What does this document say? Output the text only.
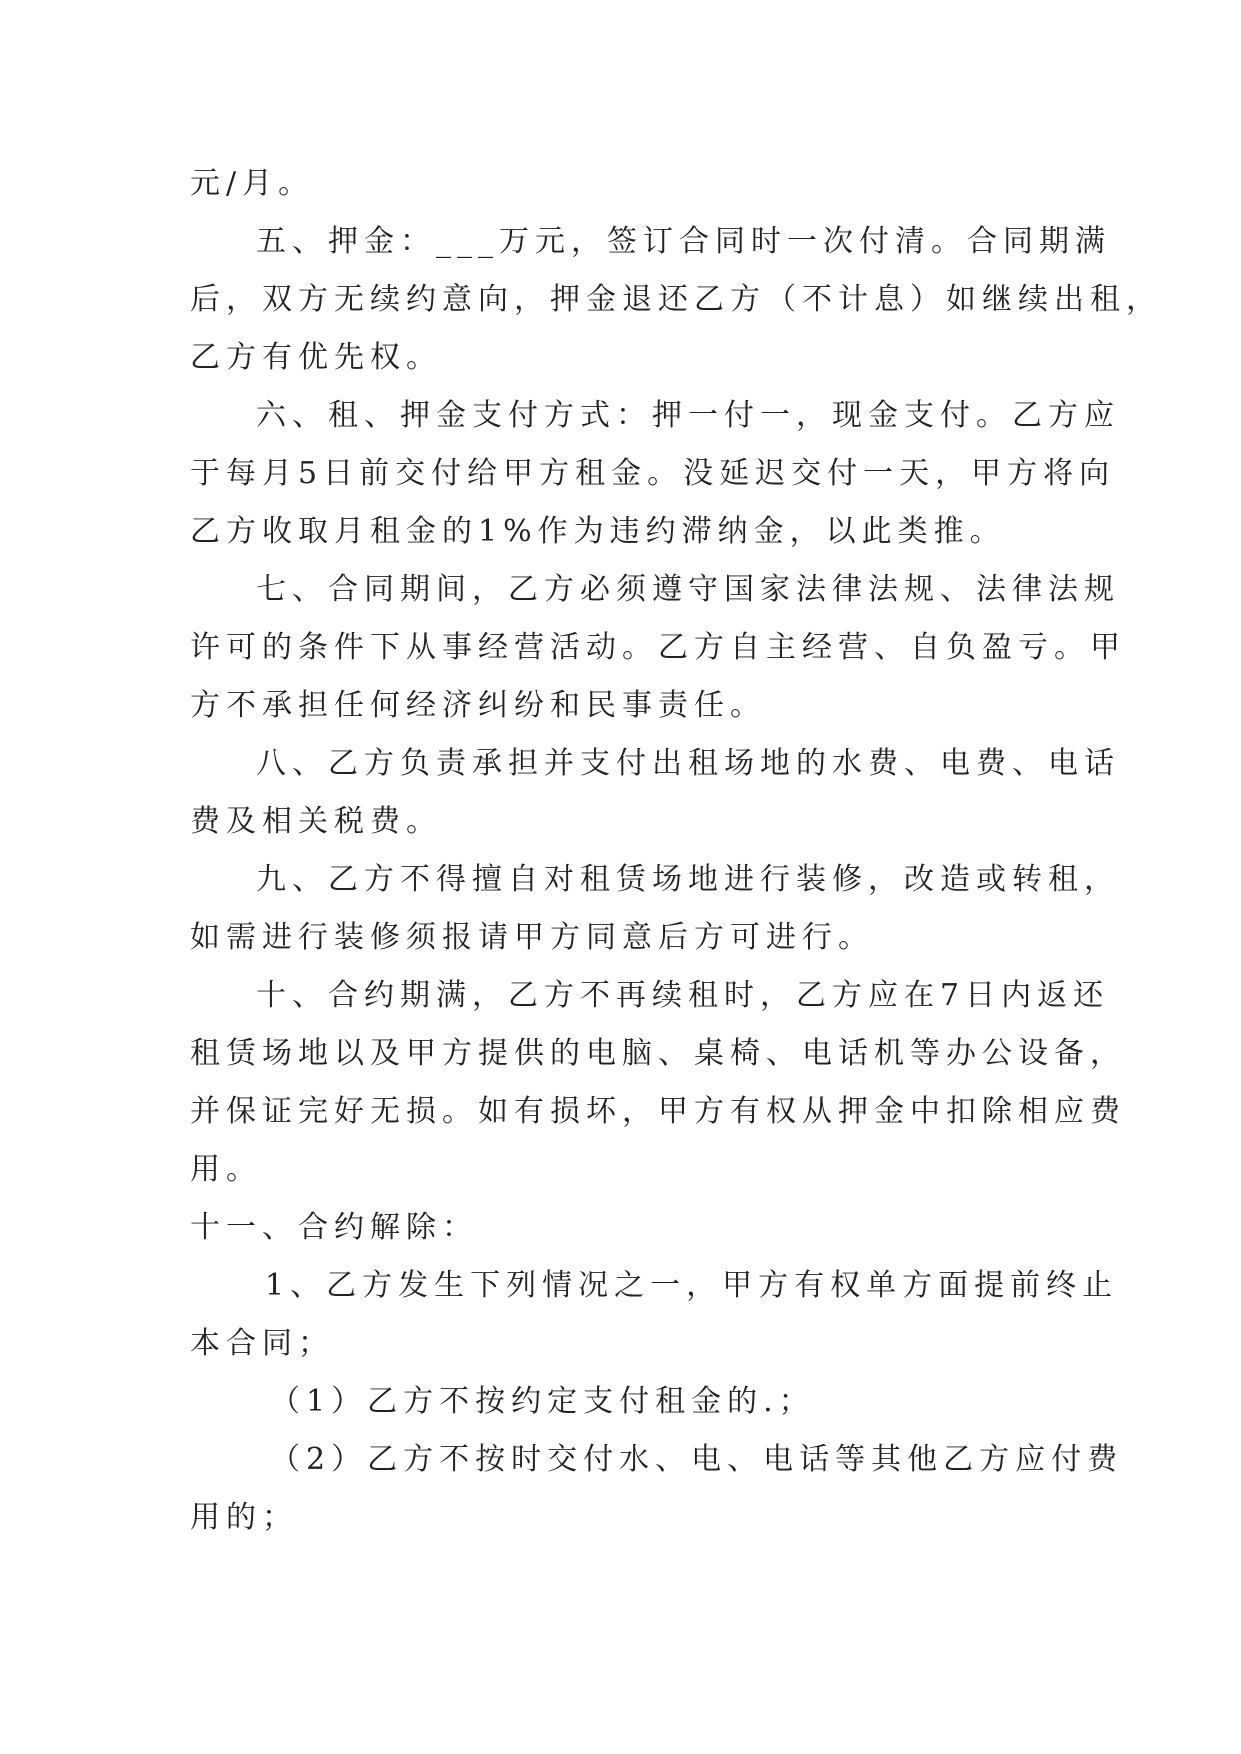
元/月。
五、押金：___万元，签订合同时一次付清。合同期满
后，双方无续约意向，押金退还乙方（不计息）如继续出租，
乙方有优先权。
六、租、押金支付方式：押一付一，现金支付。乙方应
于每月5日前交付给甲方租金。没延迟交付一天，甲方将向
乙方收取月租金的1%作为违约滞纳金，以此类推。
七、合同期间，乙方必须遵守国家法律法规、法律法规
许可的条件下从事经营活动。乙方自主经营、自负盈亏。甲
方不承担任何经济纠纷和民事责任。
八、乙方负责承担并支付出租场地的水费、电费、电话
费及相关税费。
九、乙方不得擅自对租赁场地进行装修，改造或转租，
如需进行装修须报请甲方同意后方可进行。
十、合约期满，乙方不再续租时，乙方应在7日内返还
租赁场地以及甲方提供的电脑、桌椅、电话机等办公设备，
并保证完好无损。如有损坏，甲方有权从押金中扣除相应费
用。
十一、合约解除：
1、乙方发生下列情况之一，甲方有权单方面提前终止
本合同；
（1）乙方不按约定支付租金的.；
（2）乙方不按时交付水、电、电话等其他乙方应付费
用的；
